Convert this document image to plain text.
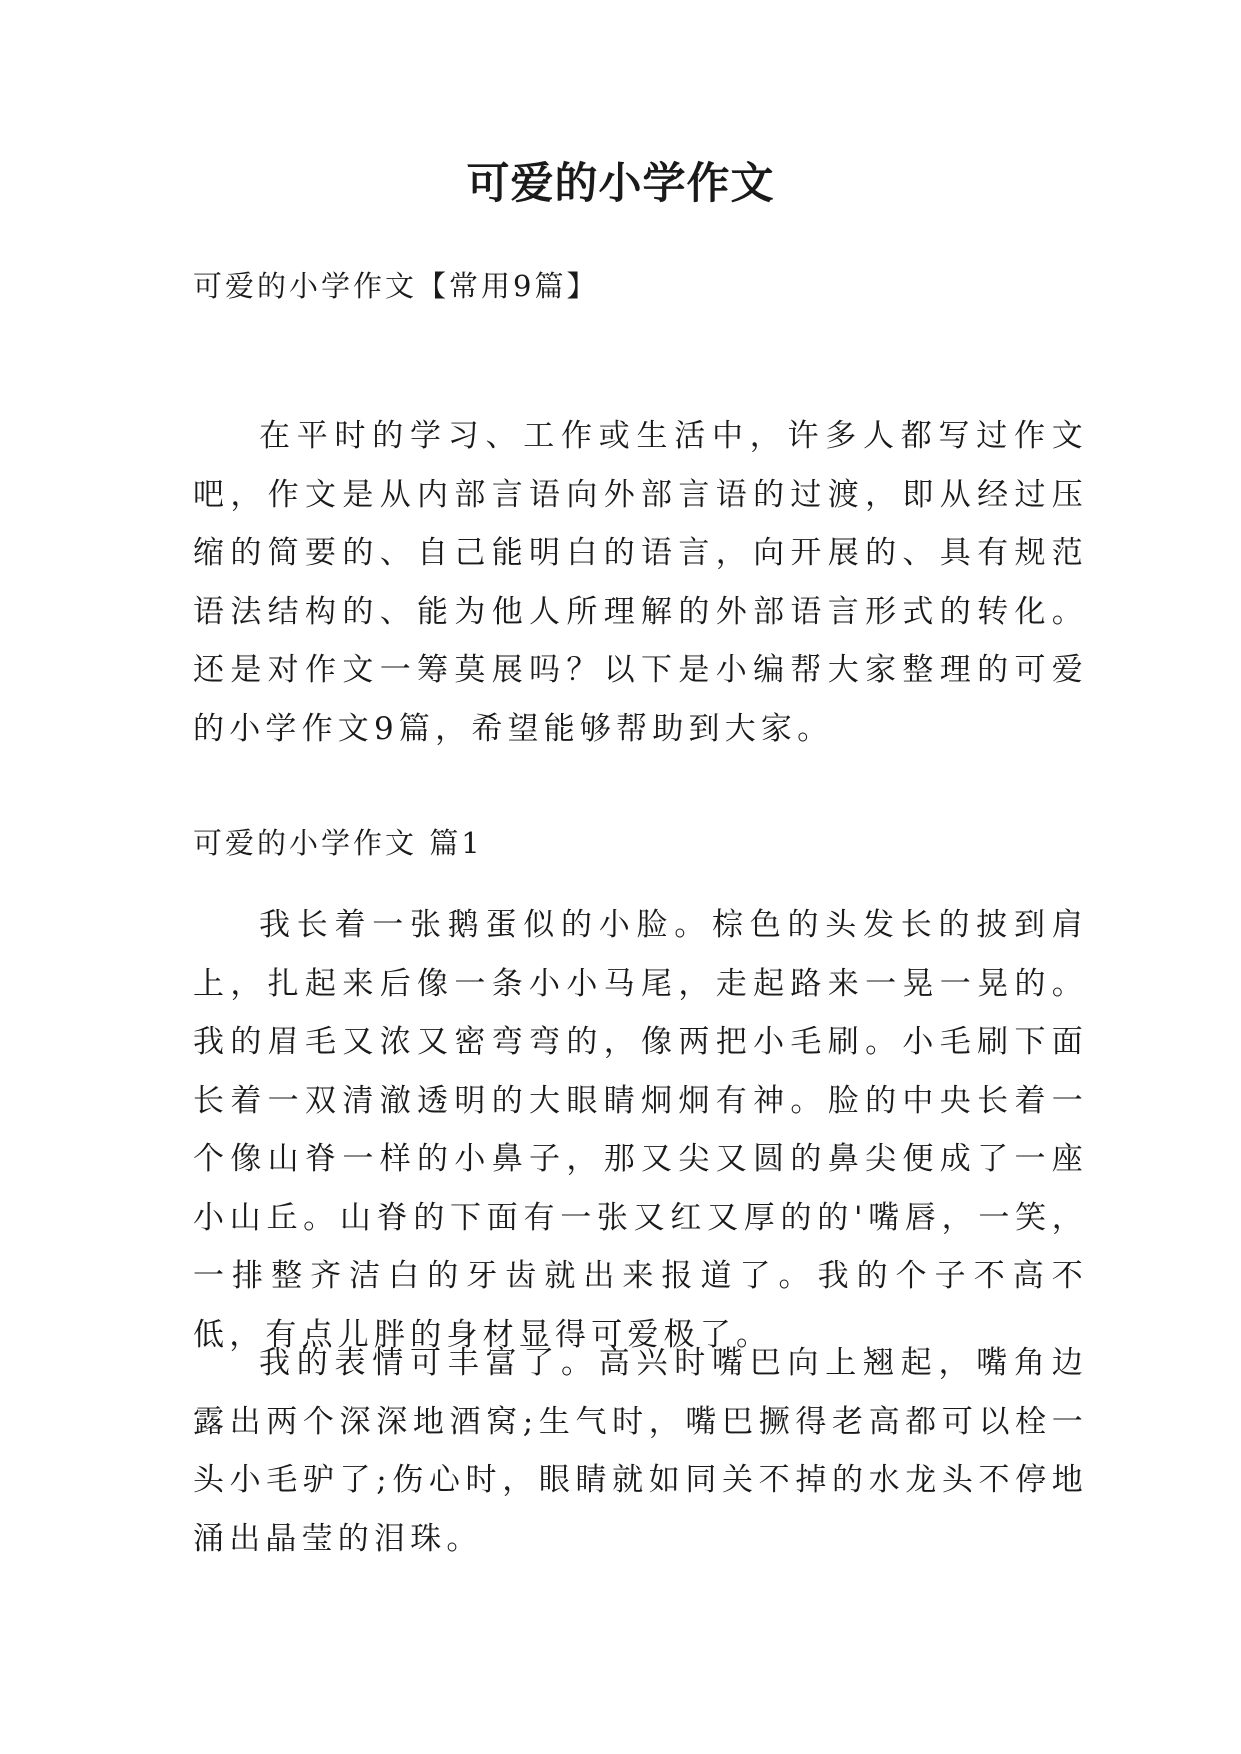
可爱的小学作文
可爱的小学作文【常用9篇】

在平时的学习、工作或生活中，许多人都写过作文吧，作文是从内部言语向外部言语的过渡，即从经过压缩的简要的、自己能明白的语言，向开展的、具有规范语法结构的、能为他人所理解的外部语言形式的转化。还是对作文一筹莫展吗？以下是小编帮大家整理的可爱的小学作文9篇，希望能够帮助到大家。

可爱的小学作文 篇1

我长着一张鹅蛋似的小脸。棕色的头发长的披到肩上，扎起来后像一条小小马尾，走起路来一晃一晃的。我的眉毛又浓又密弯弯的，像两把小毛刷。小毛刷下面长着一双清澈透明的大眼睛炯炯有神。脸的中央长着一个像山脊一样的小鼻子，那又尖又圆的鼻尖便成了一座小山丘。山脊的下面有一张又红又厚的的'嘴唇，一笑，一排整齐洁白的牙齿就出来报道了。我的个子不高不低，有点儿胖的身材显得可爱极了。

我的表情可丰富了。高兴时嘴巴向上翘起，嘴角边露出两个深深地酒窝;生气时，嘴巴撅得老高都可以栓一头小毛驴了;伤心时，眼睛就如同关不掉的水龙头不停地涌出晶莹的泪珠。
